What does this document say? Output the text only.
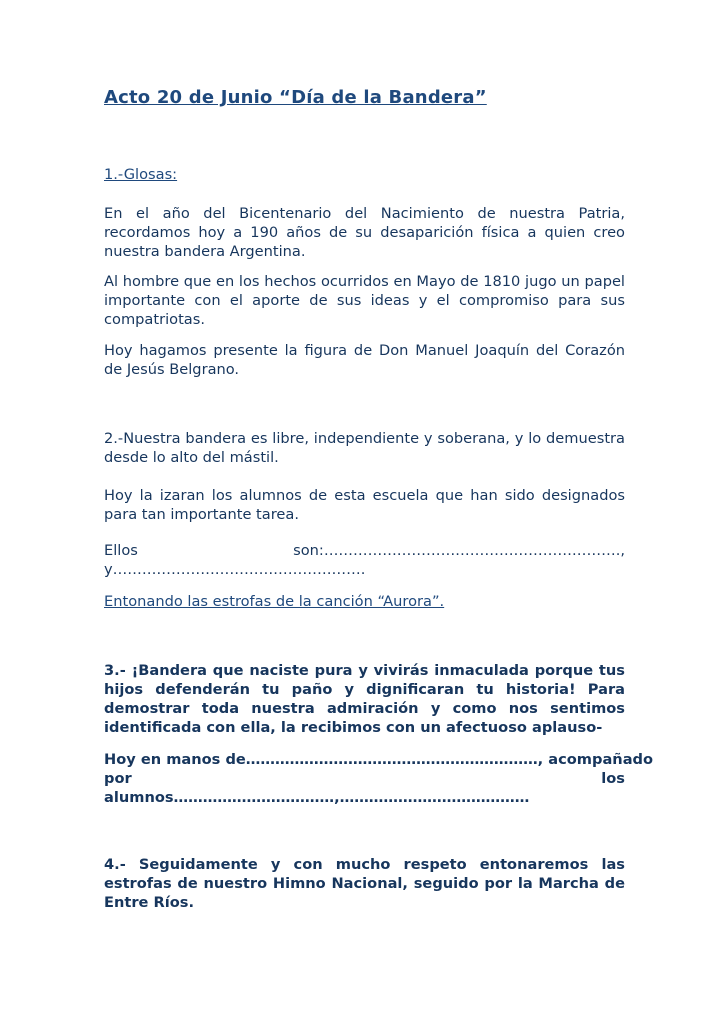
Acto 20 de Junio “Día de la Bandera”

1.-Glosas:

En el año del Bicentenario del Nacimiento de nuestra Patria, recordamos hoy a 190 años de su desaparición física a quien creo nuestra bandera Argentina.

Al hombre que en los hechos ocurridos en Mayo de 1810 jugo un papel importante con el aporte de sus ideas y el compromiso para sus compatriotas.

Hoy hagamos presente la figura de Don Manuel Joaquín del Corazón de Jesús Belgrano.

2.-Nuestra bandera es libre, independiente y soberana, y lo demuestra desde lo alto del mástil.

Hoy la izaran los alumnos de esta escuela que han sido designados para tan importante tarea.

Ellos	son:…………………………………………………….,
y…………………………………………….
Entonando las estrofas de la canción “Aurora”.

3.- ¡Bandera que naciste pura y vivirás inmaculada porque tus hijos defenderán tu paño y dignificaran tu historia! Para demostrar toda nuestra admiración y como nos sentimos identificada con ella, la recibimos con un afectuoso aplauso-

Hoy en manos de……………………………………………………, acompañado
por	los
alumnos……………………………,…………………………………

4.- Seguidamente y con mucho respeto entonaremos las estrofas de nuestro Himno Nacional, seguido por la Marcha de Entre Ríos.
